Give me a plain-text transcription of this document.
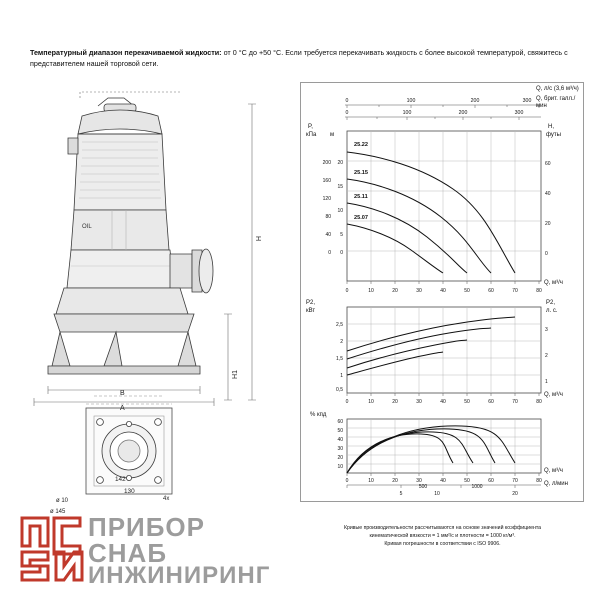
Температурный диапазон перекачиваемой жидкости: от 0 °C до +50 °C. Если требуется перекачивать жидкость с более высокой температурой, свяжитесь с представителем нашей торговой сети.
OIL
H
H1
B
A
142
130
4x
ø 10
ø 145
0	100	200	300
0	100	200	300
200
160
120
80
40
0
20
15
10
5
0
60
40
20
0
0	10	20	30	40	50	60	70	80
2,5
2
1,5
1
0,5
3
2
1
0	10	20	30	40	50	60	70	80
60
50
40
30
20
10
0	10	20	30	40	50	60	70	80
5	10	20
500	1000
Q, л/с (3,6 м³/ч)
Q, брит. галл./мин
P,
кПа м
H,
футы
P2,
кВт
P2,
л. с.
% кпд
Q, м³/ч
Q, м³/ч
Q, м³/ч
Q, л/мин
25.22
25.15
25.11
25.07
Кривые производительности рассчитываются на основе значений коэффициента
кинематической вязкости = 1 мм²/с и плотности = 1000 кг/м³.
Кривая погрешности в соответствии с ISO 9906.
ПРИБОР
СНАБ
ИНЖИНИРИНГ
